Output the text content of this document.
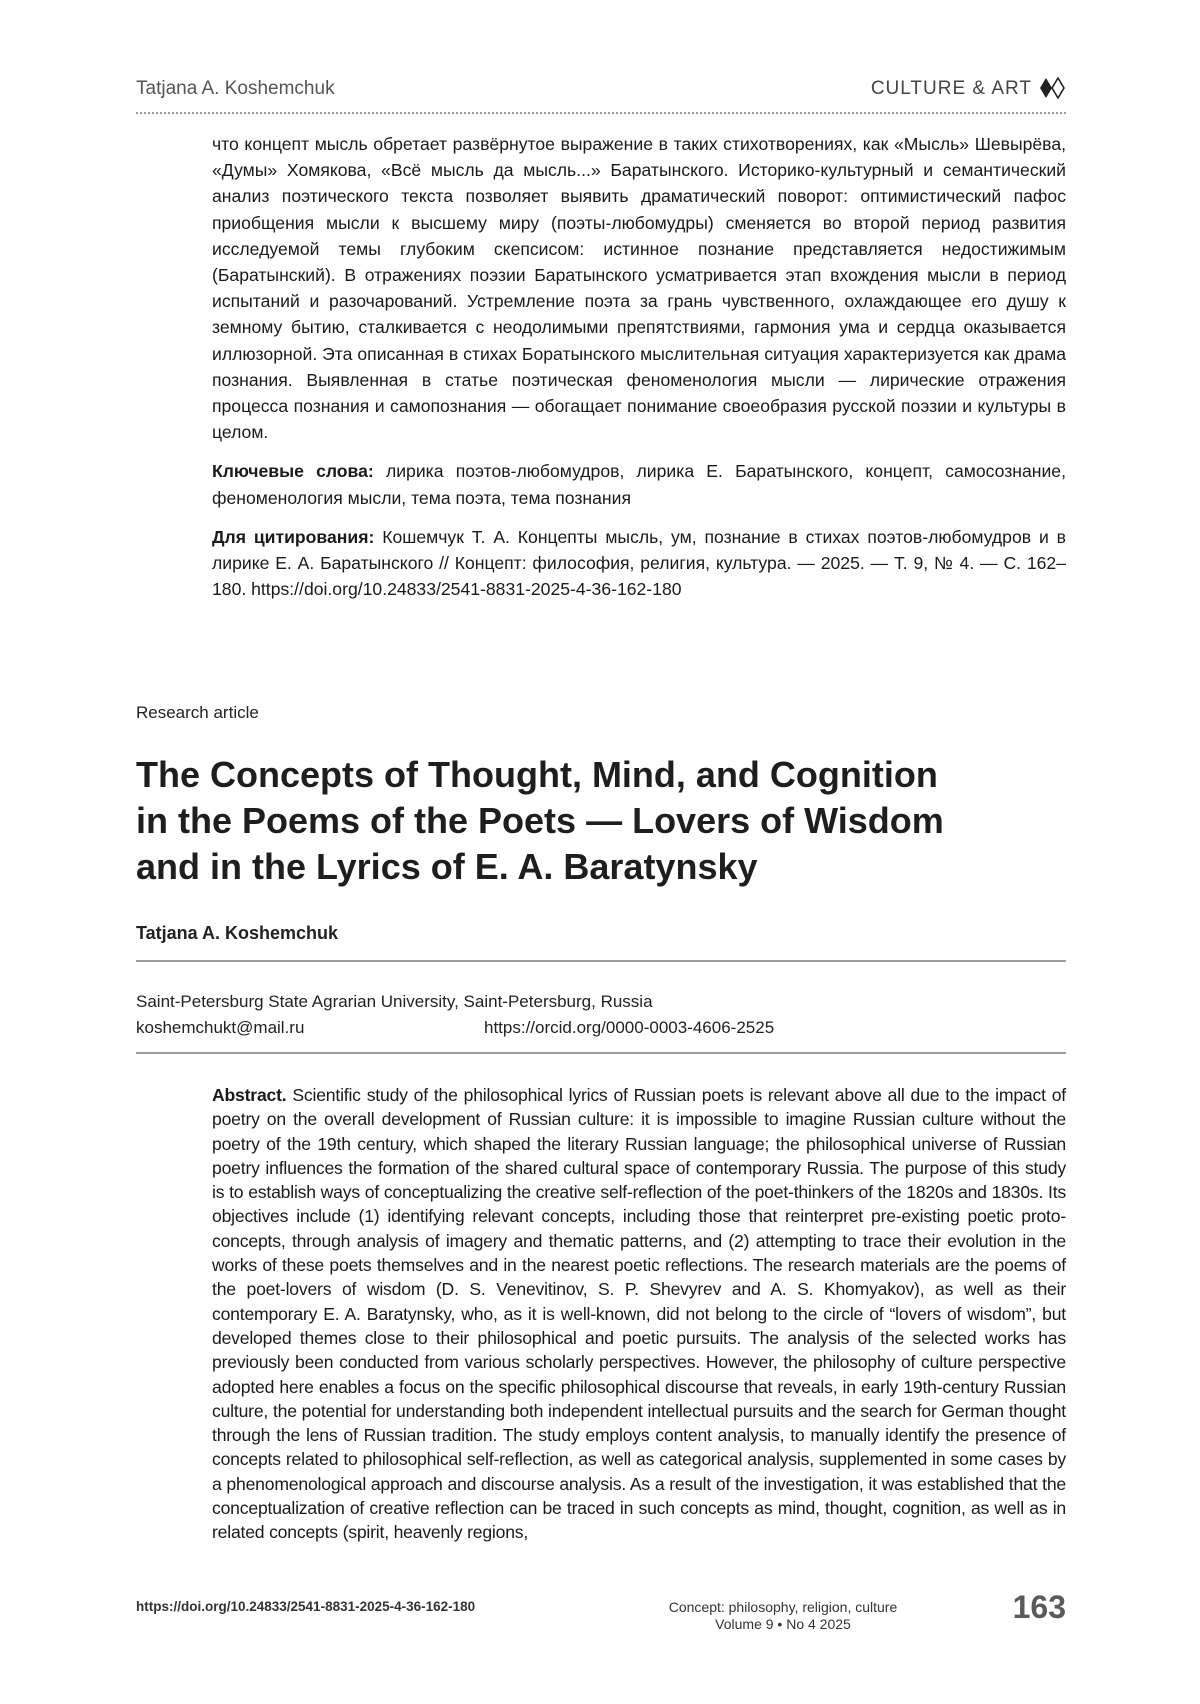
Tatjana A. Koshemchuk	CULTURE & ART

что концепт мысль обретает развёрнутое выражение в таких стихотворениях, как «Мысль» Шевырёва, «Думы» Хомякова, «Всё мысль да мысль...» Баратынского. Историко-культурный и семантический анализ поэтического текста позволяет выявить драматический поворот: оптимистический пафос приобщения мысли к высшему миру (поэты-любомудры) сменяется во второй период развития исследуемой темы глубоким скепсисом: истинное познание представляется недостижимым (Баратынский). В отражениях поэзии Баратынского усматривается этап вхождения мысли в период испытаний и разочарований. Устремление поэта за грань чувственного, охлаждающее его душу к земному бытию, сталкивается с неодолимыми препятствиями, гармония ума и сердца оказывается иллюзорной. Эта описанная в стихах Боратынского мыслительная ситуация характеризуется как драма познания. Выявленная в статье поэтическая феноменология мысли — лирические отражения процесса познания и самопознания — обогащает понимание своеобразия русской поэзии и культуры в целом.

Ключевые слова: лирика поэтов-любомудров, лирика Е. Баратынского, концепт, самосознание, феноменология мысли, тема поэта, тема познания

Для цитирования: Кошемчук Т. А. Концепты мысль, ум, познание в стихах поэтов-любомудров и в лирике Е. А. Баратынского // Концепт: философия, религия, культура. — 2025. — Т. 9, № 4. — С. 162–180. https://doi.org/10.24833/2541-8831-2025-4-36-162-180

Research article
The Concepts of Thought, Mind, and Cognition
in the Poems of the Poets — Lovers of Wisdom
and in the Lyrics of E. A. Baratynsky
Tatjana A. Koshemchuk
Saint-Petersburg State Agrarian University, Saint-Petersburg, Russia
koshemchukt@mail.ru	https://orcid.org/0000-0003-4606-2525

Abstract. Scientific study of the philosophical lyrics of Russian poets is relevant above all due to the impact of poetry on the overall development of Russian culture: it is impossible to imagine Russian culture without the poetry of the 19th century, which shaped the literary Russian language; the philosophical universe of Russian poetry influences the formation of the shared cultural space of contemporary Russia. The purpose of this study is to establish ways of conceptualizing the creative self-reflection of the poet-thinkers of the 1820s and 1830s. Its objectives include (1) identifying relevant concepts, including those that reinterpret pre-existing poetic proto-concepts, through analysis of imagery and thematic patterns, and (2) attempting to trace their evolution in the works of these poets themselves and in the nearest poetic reflections. The research materials are the poems of the poet-lovers of wisdom (D. S. Venevitinov, S. P. Shevyrev and A. S. Khomyakov), as well as their contemporary E. A. Baratynsky, who, as it is well-known, did not belong to the circle of “lovers of wisdom”, but developed themes close to their philosophical and poetic pursuits. The analysis of the selected works has previously been conducted from various scholarly perspectives. However, the philosophy of culture perspective adopted here enables a focus on the specific philosophical discourse that reveals, in early 19th-century Russian culture, the potential for understanding both independent intellectual pursuits and the search for German thought through the lens of Russian tradition. The study employs content analysis, to manually identify the presence of concepts related to philosophical self-reflection, as well as categorical analysis, supplemented in some cases by a phenomenological approach and discourse analysis. As a result of the investigation, it was established that the conceptualization of creative reflection can be traced in such concepts as mind, thought, cognition, as well as in related concepts (spirit, heavenly regions,

https://doi.org/10.24833/2541-8831-2025-4-36-162-180	Concept: philosophy, religion, culture
Volume 9 • No 4 2025	163
